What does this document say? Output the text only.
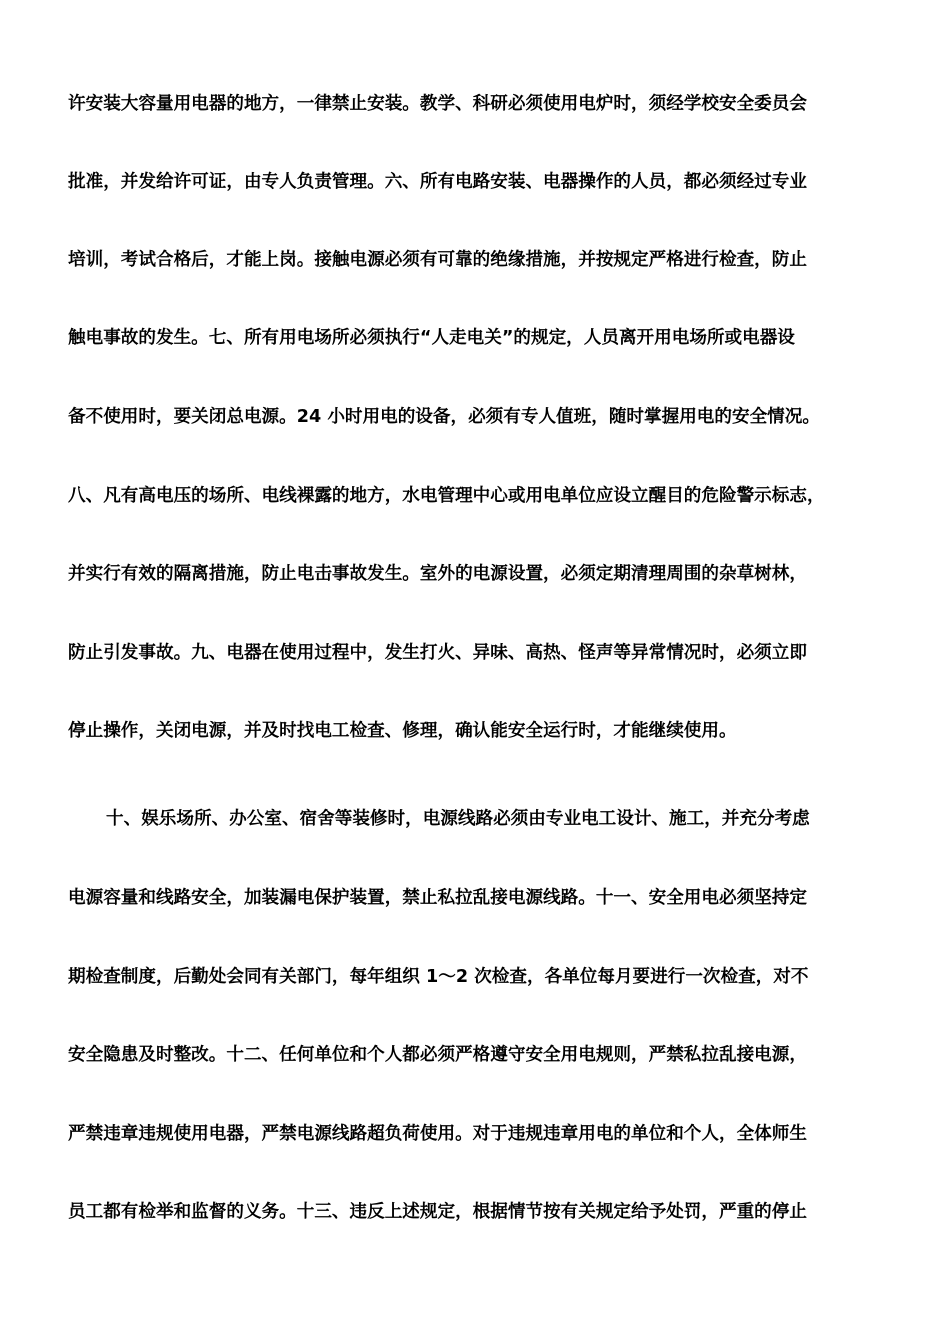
许安装大容量用电器的地方，一律禁止安装。教学、科研必须使用电炉时，须经学校安全委员会
批准，并发给许可证，由专人负责管理。六、所有电路安装、电器操作的人员，都必须经过专业
培训，考试合格后，才能上岗。接触电源必须有可靠的绝缘措施，并按规定严格进行检查，防止
触电事故的发生。七、所有用电场所必须执行“人走电关”的规定，人员离开用电场所或电器设
备不使用时，要关闭总电源。24 小时用电的设备，必须有专人值班，随时掌握用电的安全情况。
八、凡有高电压的场所、电线裸露的地方，水电管理中心或用电单位应设立醒目的危险警示标志，
并实行有效的隔离措施，防止电击事故发生。室外的电源设置，必须定期清理周围的杂草树林，
防止引发事故。九、电器在使用过程中，发生打火、异味、高热、怪声等异常情况时，必须立即
停止操作，关闭电源，并及时找电工检查、修理，确认能安全运行时，才能继续使用。
十、娱乐场所、办公室、宿舍等装修时，电源线路必须由专业电工设计、施工，并充分考虑
电源容量和线路安全，加装漏电保护装置，禁止私拉乱接电源线路。十一、安全用电必须坚持定
期检查制度，后勤处会同有关部门，每年组织 1～2 次检查，各单位每月要进行一次检查，对不
安全隐患及时整改。十二、任何单位和个人都必须严格遵守安全用电规则，严禁私拉乱接电源，
严禁违章违规使用电器，严禁电源线路超负荷使用。对于违规违章用电的单位和个人，全体师生
员工都有检举和监督的义务。十三、违反上述规定，根据情节按有关规定给予处罚，严重的停止
